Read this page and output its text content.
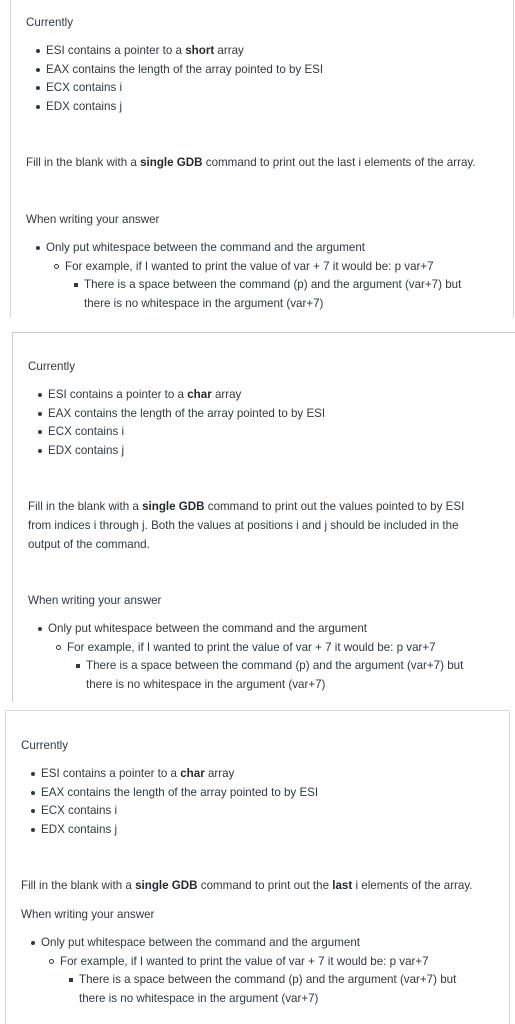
Currently
ESI contains a pointer to a short array
EAX contains the length of the array pointed to by ESI
ECX contains i
EDX contains j
Fill in the blank with a single GDB command to print out the last i elements of the array.
When writing your answer
Only put whitespace between the command and the argument
For example, if I wanted to print the value of var + 7 it would be: p var+7
There is a space between the command (p) and the argument (var+7) but
there is no whitespace in the argument (var+7)
Currently
ESI contains a pointer to a char array
EAX contains the length of the array pointed to by ESI
ECX contains i
EDX contains j
Fill in the blank with a single GDB command to print out the values pointed to by ESI
from indices i through j. Both the values at positions i and j should be included in the
output of the command.
When writing your answer
Only put whitespace between the command and the argument
For example, if I wanted to print the value of var + 7 it would be: p var+7
There is a space between the command (p) and the argument (var+7) but
there is no whitespace in the argument (var+7)
Currently
ESI contains a pointer to a char array
EAX contains the length of the array pointed to by ESI
ECX contains i
EDX contains j
Fill in the blank with a single GDB command to print out the last i elements of the array.
When writing your answer
Only put whitespace between the command and the argument
For example, if I wanted to print the value of var + 7 it would be: p var+7
There is a space between the command (p) and the argument (var+7) but
there is no whitespace in the argument (var+7)
